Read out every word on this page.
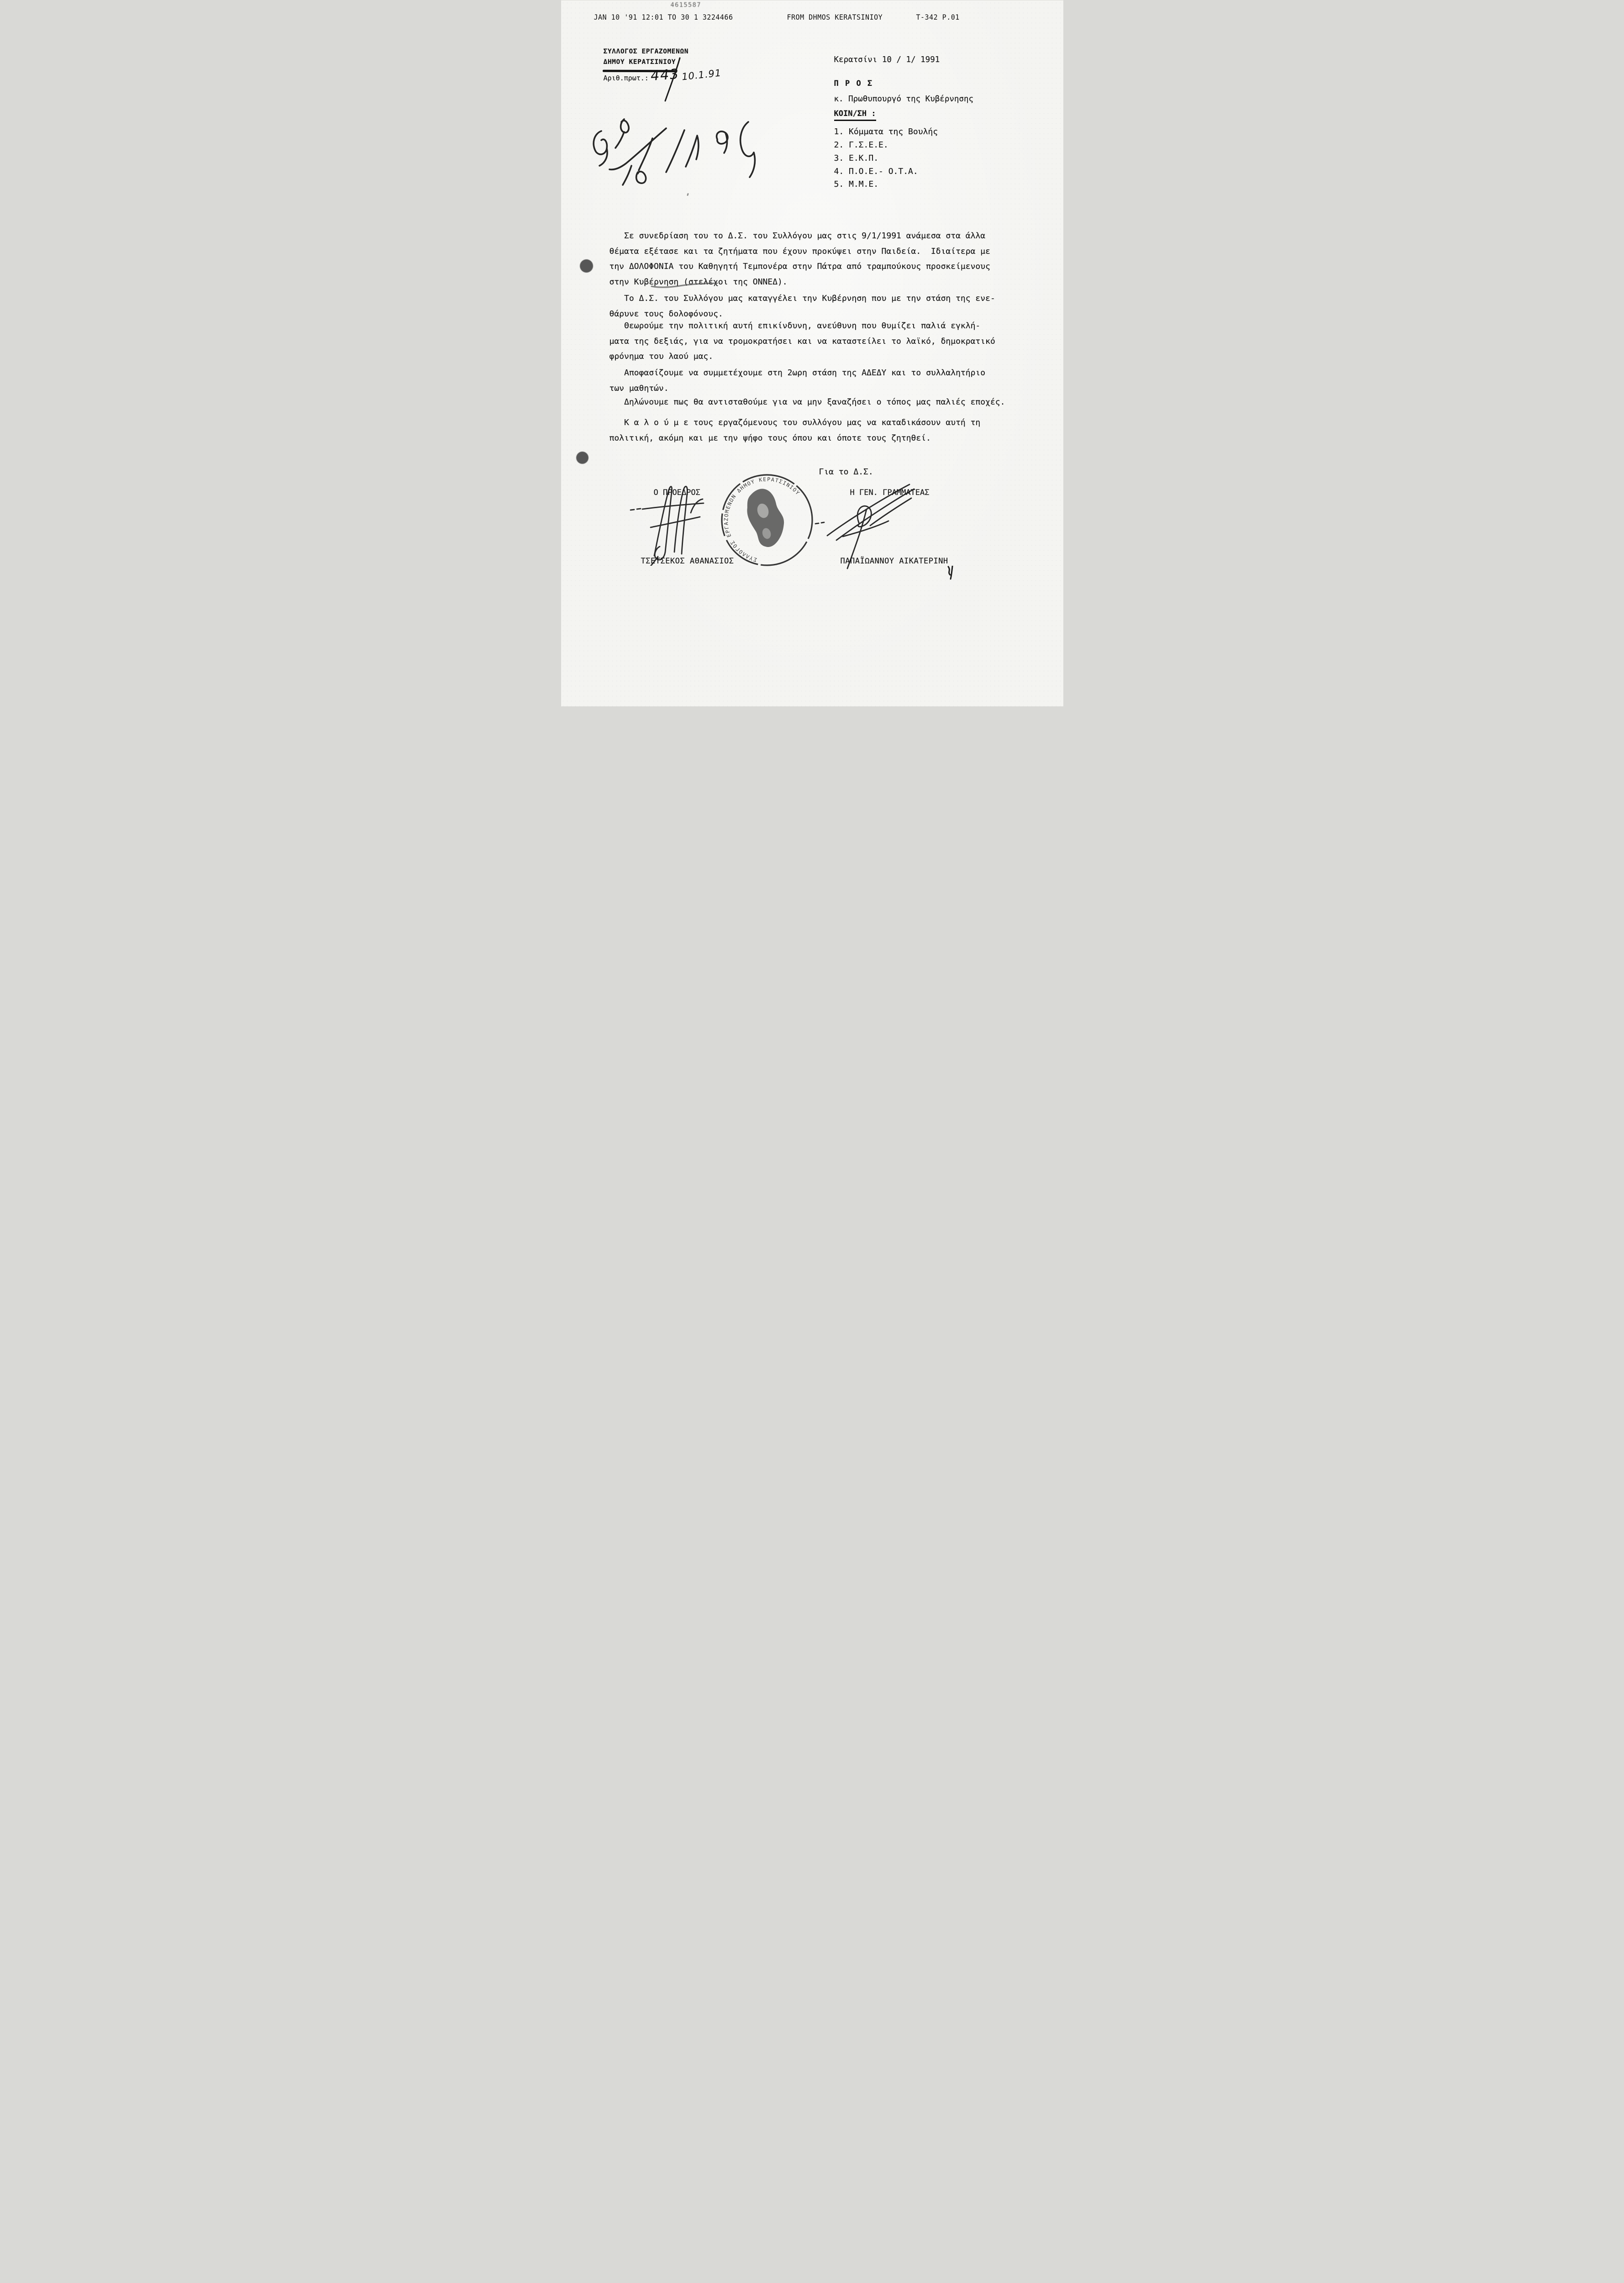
4615587
JAN 10 '91 12:01 TO 30 1 3224466	FROM DHMOS KERATSINIOY	T-342 P.01
ΣΥΛΛΟΓΟΣ ΕΡΓΑΖΟΜΕΝΩΝ
ΔΗΜΟΥ ΚΕΡΑΤΣΙΝΙΟΥ
Αριθ.πρωτ.: 443 10.1.91
Κερατσίνι 10 / 1/ 1991
Π Ρ Ο Σ
κ. Πρωθυπουργό της Κυβέρνησης
ΚΟΙΝ/ΣΗ :
1. Κόμματα της Βουλής
2. Γ.Σ.Ε.Ε.
3. Ε.Κ.Π.
4. Π.Ο.Ε.- Ο.Τ.Α.
5. Μ.Μ.Ε.
Σε συνεδρίαση του το Δ.Σ. του Συλλόγου μας στις 9/1/1991 ανάμεσα στα άλλα
θέματα εξέτασε και τα ζητήματα που έχουν προκύψει στην Παιδεία.  Ιδιαίτερα με
την ΔΟΛΟΦΟΝΙΑ του Καθηγητή Τεμπονέρα στην Πάτρα από τραμπούκους προσκείμενους
στην Κυβέρνηση (στελέχοι της ΟΝΝΕΔ).
Το Δ.Σ. του Συλλόγου μας καταγγέλει την Κυβέρνηση που με την στάση της ενε-
θάρυνε τους δολοφόνους.
Θεωρούμε την πολιτική αυτή επικίνδυνη, ανεύθυνη που θυμίζει παλιά εγκλή-
ματα της δεξιάς, για να τρομοκρατήσει και να καταστείλει το λαϊκό, δημοκρατικό
φρόνημα του λαού μας.
Αποφασίζουμε να συμμετέχουμε στη 2ωρη στάση της ΑΔΕΔΥ και το συλλαλητήριο
των μαθητών.
Δηλώνουμε πως θα αντισταθούμε για να μην ξαναζήσει ο τόπος μας παλιές εποχές.
Κ α λ ο ύ μ ε τους εργαζόμενους του συλλόγου μας να καταδικάσουν αυτή τη
πολιτική, ακόμη και με την ψήφο τους όπου και όποτε τους ζητηθεί.
Για το Δ.Σ.
Ο ΠΡΟΕΔΡΟΣ	Η ΓΕΝ. ΓΡΑΜΜΑΤΕΑΣ
ΣΥΛΛΟΓΟΣ ΕΡΓΑΖΟΜΕΝΩΝ ΔΗΜΟΥ ΚΕΡΑΤΣΙΝΙΟΥ
ΤΣΕΤΣΕΚΟΣ ΑΘΑΝΑΣΙΟΣ	ΠΑΠΑΪΩΑΝΝΟΥ ΑΙΚΑΤΕΡΙΝΗ
